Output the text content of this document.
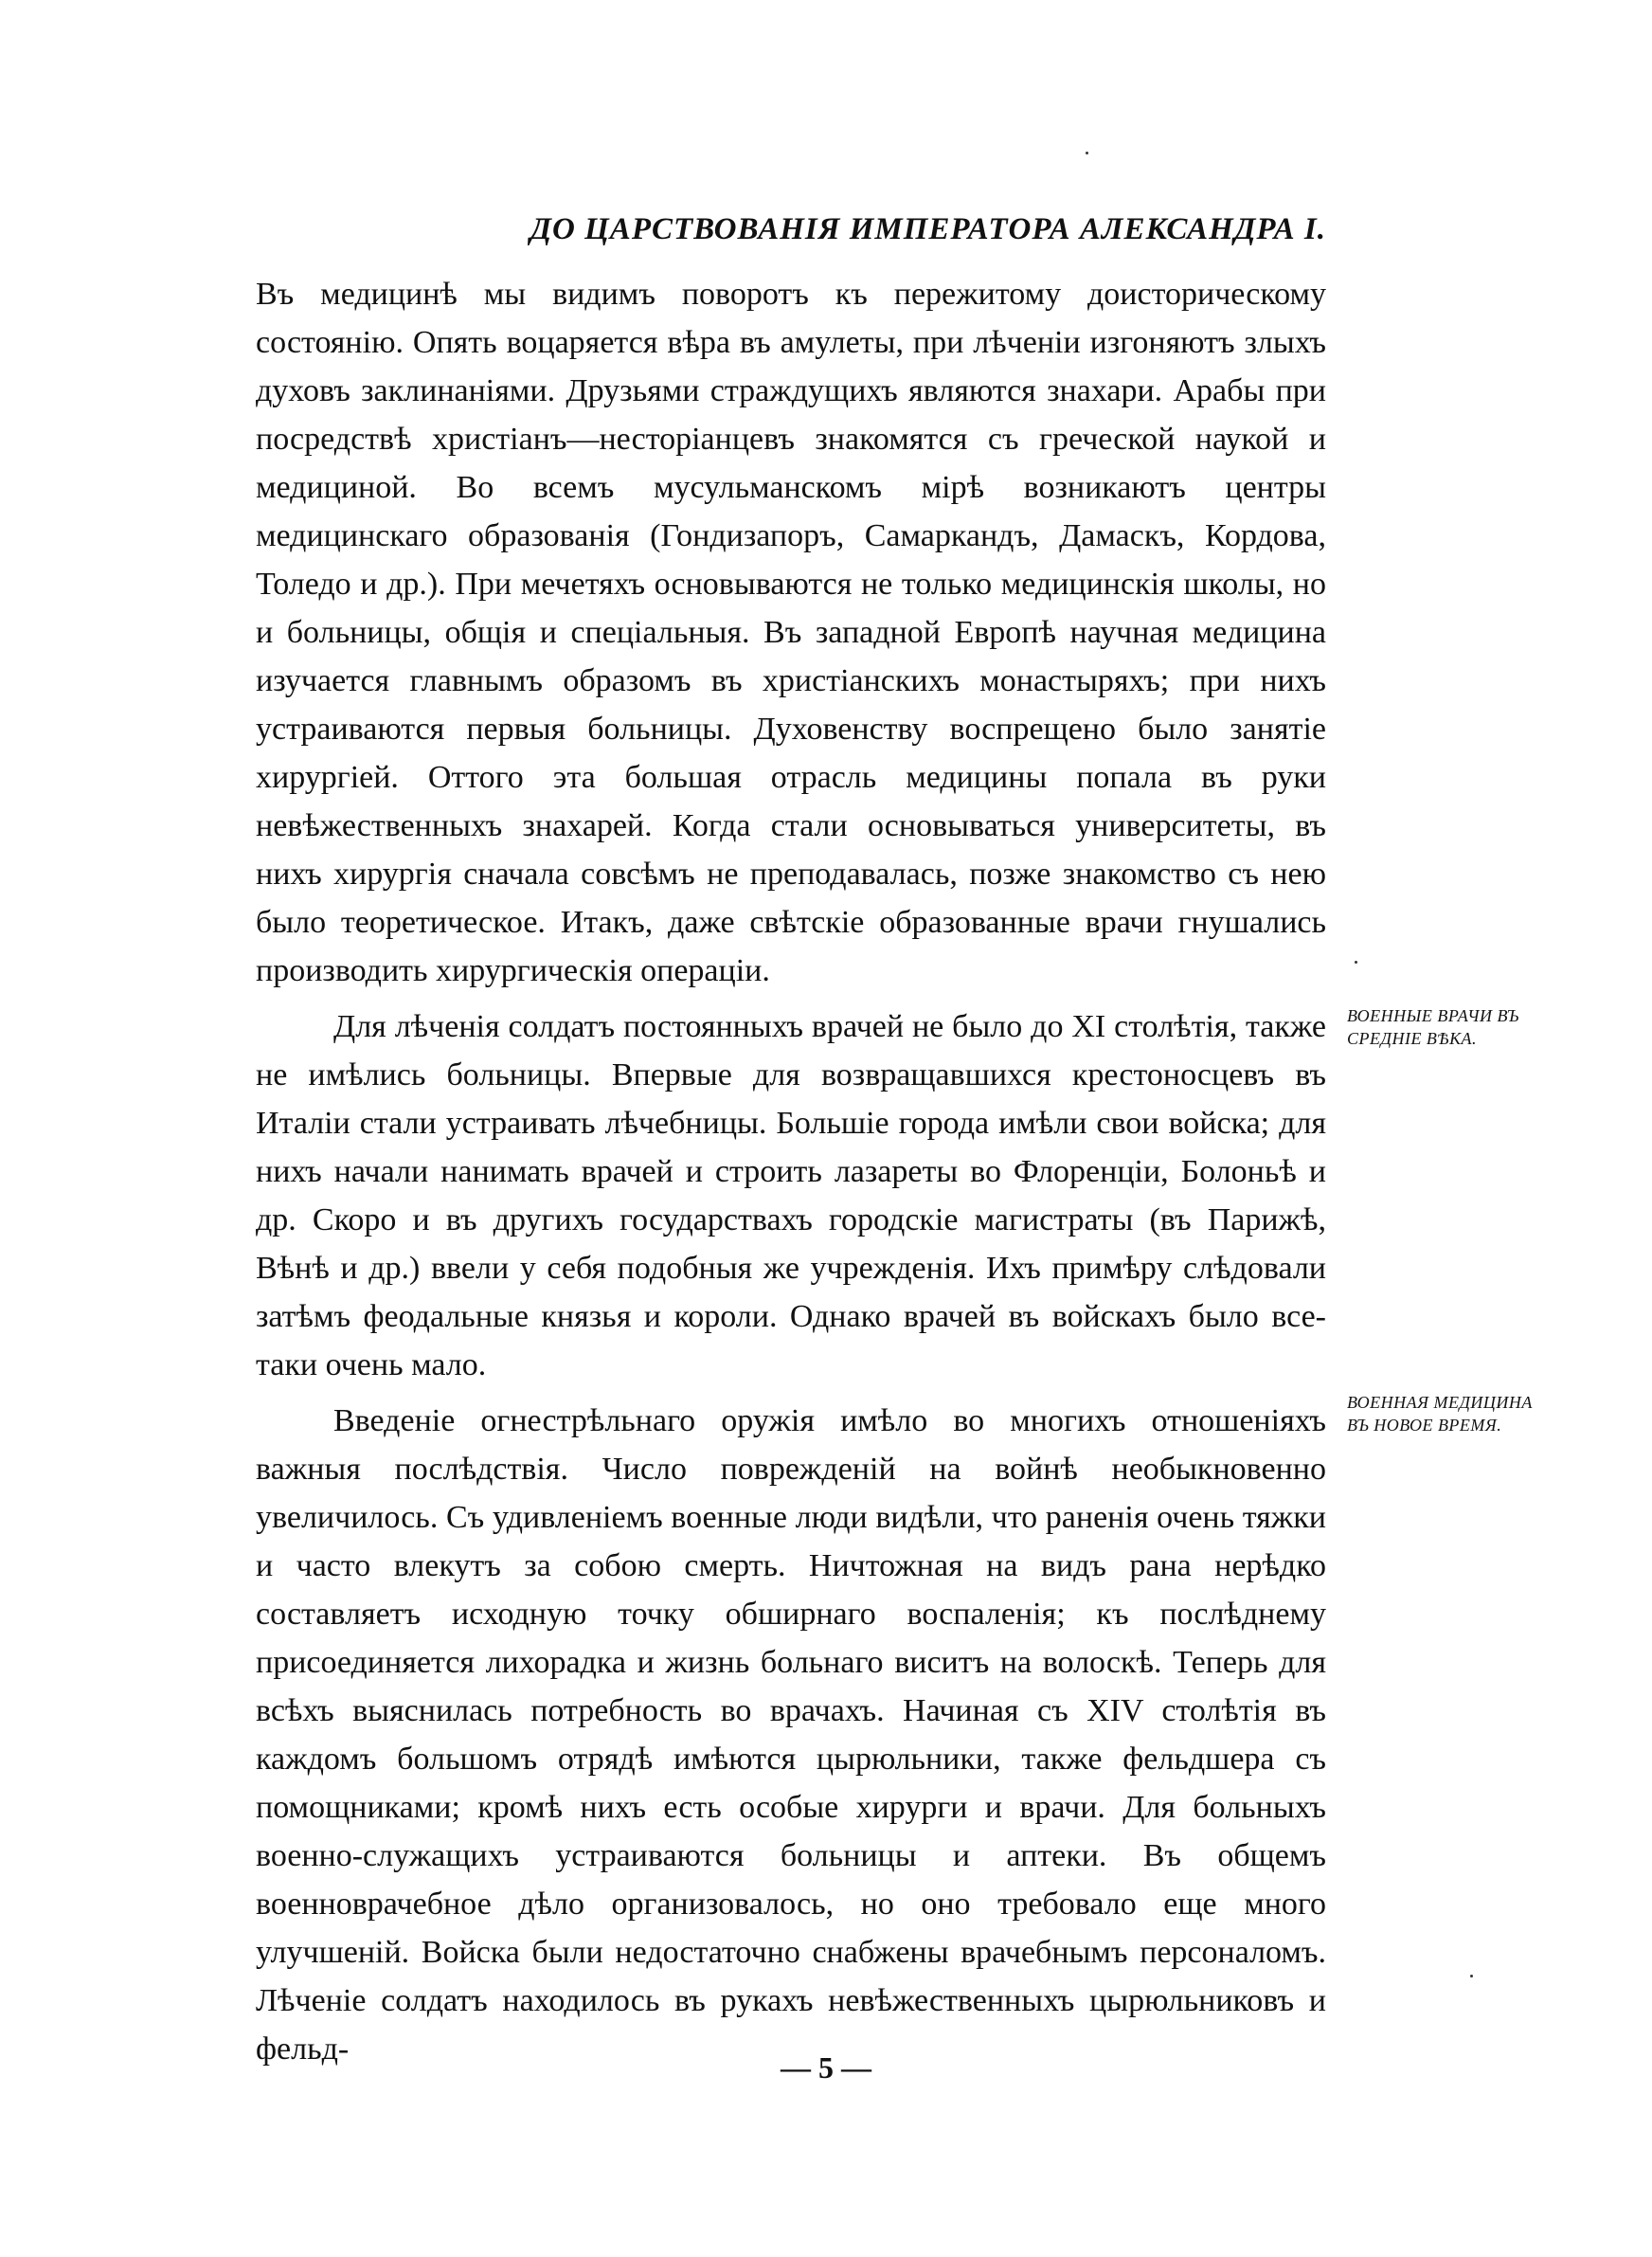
ДО ЦАРСТВОВАНІЯ ИМПЕРАТОРА АЛЕКСАНДРА I.

Въ медицинѣ мы видимъ поворотъ къ пережитому доисторическому состоянію. Опять воцаряется вѣра въ амулеты, при лѣченіи изгоняютъ злыхъ духовъ заклинаніями. Друзьями страждущихъ являются знахари. Арабы при посредствѣ христіанъ—несторіанцевъ знакомятся съ греческой наукой и медициной. Во всемъ мусульманскомъ мірѣ возникаютъ центры медицинскаго образованія (Гондизапоръ, Самаркандъ, Дамаскъ, Кордова, Толедо и др.). При мечетяхъ основываются не только медицинскія школы, но и больницы, общія и спеціальныя. Въ западной Европѣ научная медицина изучается главнымъ образомъ въ христіанскихъ монастыряхъ; при нихъ устраиваются первыя больницы. Духовенству воспрещено было занятіе хирургіей. Оттого эта большая отрасль медицины попала въ руки невѣжественныхъ знахарей. Когда стали основываться университеты, въ нихъ хирургія сначала совсѣмъ не преподавалась, позже знакомство съ нею было теоретическое. Итакъ, даже свѣтскіе образованные врачи гнушались производить хирургическія операціи.

Для лѣченія солдатъ постоянныхъ врачей не было до XI столѣтія, также не имѣлись больницы. Впервые для возвращавшихся крестоносцевъ въ Италіи стали устраивать лѣчебницы. Большіе города имѣли свои войска; для нихъ начали нанимать врачей и строить лазареты во Флоренціи, Болоньѣ и др. Скоро и въ другихъ государствахъ городскіе магистраты (въ Парижѣ, Вѣнѣ и др.) ввели у себя подобныя же учрежденія. Ихъ примѣру слѣдовали затѣмъ феодальные князья и короли. Однако врачей въ войскахъ было все-таки очень мало.

Введеніе огнестрѣльнаго оружія имѣло во многихъ отношеніяхъ важныя послѣдствія. Число поврежденій на войнѣ необыкновенно увеличилось. Съ удивленіемъ военные люди видѣли, что раненія очень тяжки и часто влекутъ за собою смерть. Ничтожная на видъ рана нерѣдко составляетъ исходную точку обширнаго воспаленія; къ послѣднему присоединяется лихорадка и жизнь больнаго виситъ на волоскѣ. Теперь для всѣхъ выяснилась потребность во врачахъ. Начиная съ XIV столѣтія въ каждомъ большомъ отрядѣ имѣются цырюльники, также фельдшера съ помощниками; кромѣ нихъ есть особые хирурги и врачи. Для больныхъ военно-служащихъ устраиваются больницы и аптеки. Въ общемъ военноврачебное дѣло организовалось, но оно требовало еще много улучшеній. Войска были недостаточно снабжены врачебнымъ персоналомъ. Лѣченіе солдатъ находилось въ рукахъ невѣжественныхъ цырюльниковъ и фельд-

ВОЕННЫЕ ВРАЧИ ВЪ
СРЕДНІЕ ВѢКА.
ВОЕННАЯ МЕДИЦИНА
ВЪ НОВОЕ ВРЕМЯ.
— 5 —
